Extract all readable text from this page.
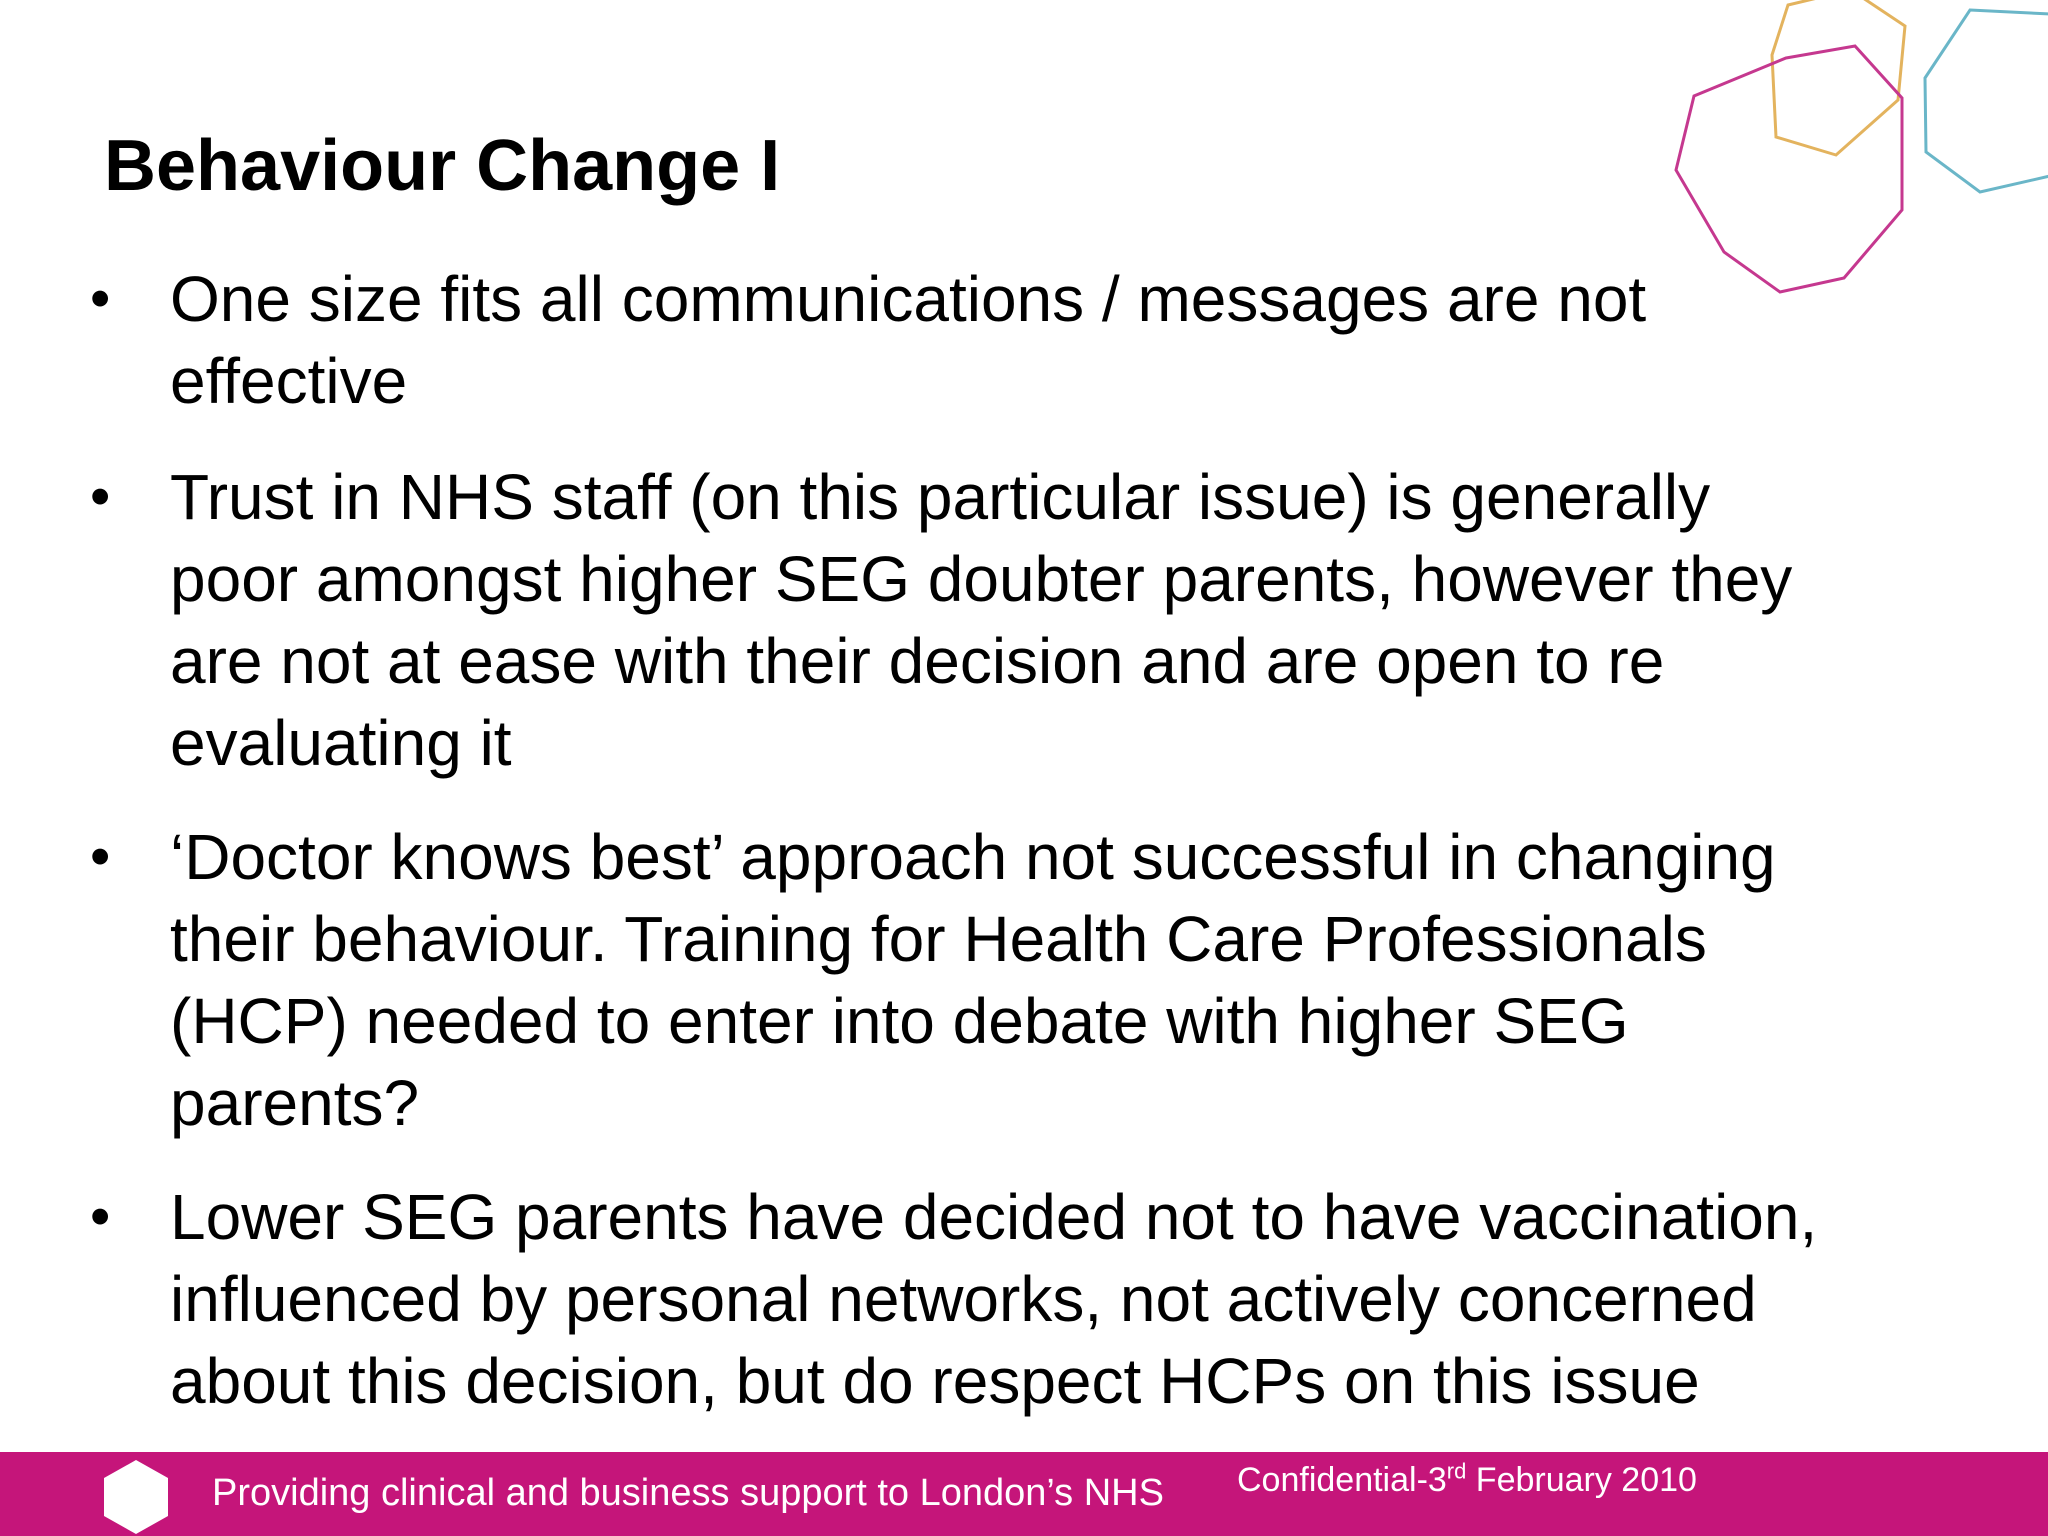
Behaviour Change I
• One size fits all communications / messages are not
effective
• Trust in NHS staff (on this particular issue) is generally
poor amongst higher SEG doubter parents, however they
are not at ease with their decision and are open to re
evaluating it
• ‘Doctor knows best’ approach not successful in changing
their behaviour. Training for Health Care Professionals
(HCP) needed to enter into debate with higher SEG
parents?
• Lower SEG parents have decided not to have vaccination,
influenced by personal networks, not actively concerned
about this decision, but do respect HCPs on this issue
Providing clinical and business support to London’s NHS Confidential-3rd February 2010
